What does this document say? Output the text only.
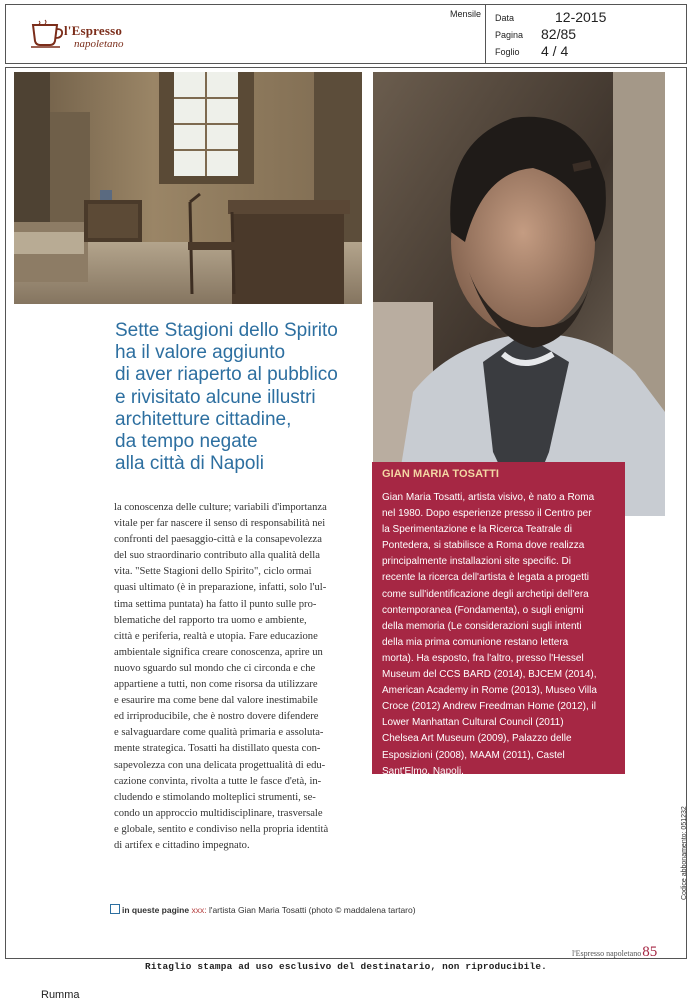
l'Espresso
napoletano
Mensile Data	12-2015
Pagina	82/85
Foglio	4 / 4
Sette Stagioni dello Spirito
ha il valore aggiunto
di aver riaperto al pubblico
e rivisitato alcune illustri
architetture cittadine,
da tempo negate
alla città di Napoli
la conoscenza delle culture; variabili d'importanza
vitale per far nascere il senso di responsabilità nei
confronti del paesaggio-città e la consapevolezza
del suo straordinario contributo alla qualità della
vita. "Sette Stagioni dello Spirito", ciclo ormai
quasi ultimato (è in preparazione, infatti, solo l'ul-
tima settima puntata) ha fatto il punto sulle pro-
blematiche del rapporto tra uomo e ambiente,
città e periferia, realtà e utopia. Fare educazione
ambientale significa creare conoscenza, aprire un
nuovo sguardo sul mondo che ci circonda e che
appartiene a tutti, non come risorsa da utilizzare
e esaurire ma come bene dal valore inestimabile
ed irriproducibile, che è nostro dovere difendere
e salvaguardare come qualità primaria e assoluta-
mente strategica. Tosatti ha distillato questa con-
sapevolezza con una delicata progettualità di edu-
cazione convinta, rivolta a tutte le fasce d'età, in-
cludendo e stimolando molteplici strumenti, se-
condo un approccio multidisciplinare, trasversale
e globale, sentito e condiviso nella propria identità
di artifex e cittadino impegnato.
GIAN MARIA TOSATTI
Gian Maria Tosatti, artista visivo, è nato a Roma
nel 1980. Dopo esperienze presso il Centro per
la Sperimentazione e la Ricerca Teatrale di
Pontedera, si stabilisce a Roma dove realizza
principalmente installazioni site specific. Di
recente la ricerca dell'artista è legata a progetti
come sull'identificazione degli archetipi dell'era
contemporanea (Fondamenta), o sugli enigmi
della memoria (Le considerazioni sugli intenti
della mia prima comunione restano lettera
morta). Ha esposto, fra l'altro, presso l'Hessel
Museum del CCS BARD (2014), BJCEM (2014),
American Academy in Rome (2013), Museo Villa
Croce (2012) Andrew Freedman Home (2012), il
Lower Manhattan Cultural Council (2011)
Chelsea Art Museum (2009), Palazzo delle
Esposizioni (2008), MAAM (2011), Castel
Sant'Elmo, Napoli.
in queste pagine xxx: l'artista Gian Maria Tosatti (photo © maddalena tartaro)
l'Espresso napoletano85
Codice abbonamento: 051232
Ritaglio stampa ad uso esclusivo del destinatario, non riproducibile.
Rumma
